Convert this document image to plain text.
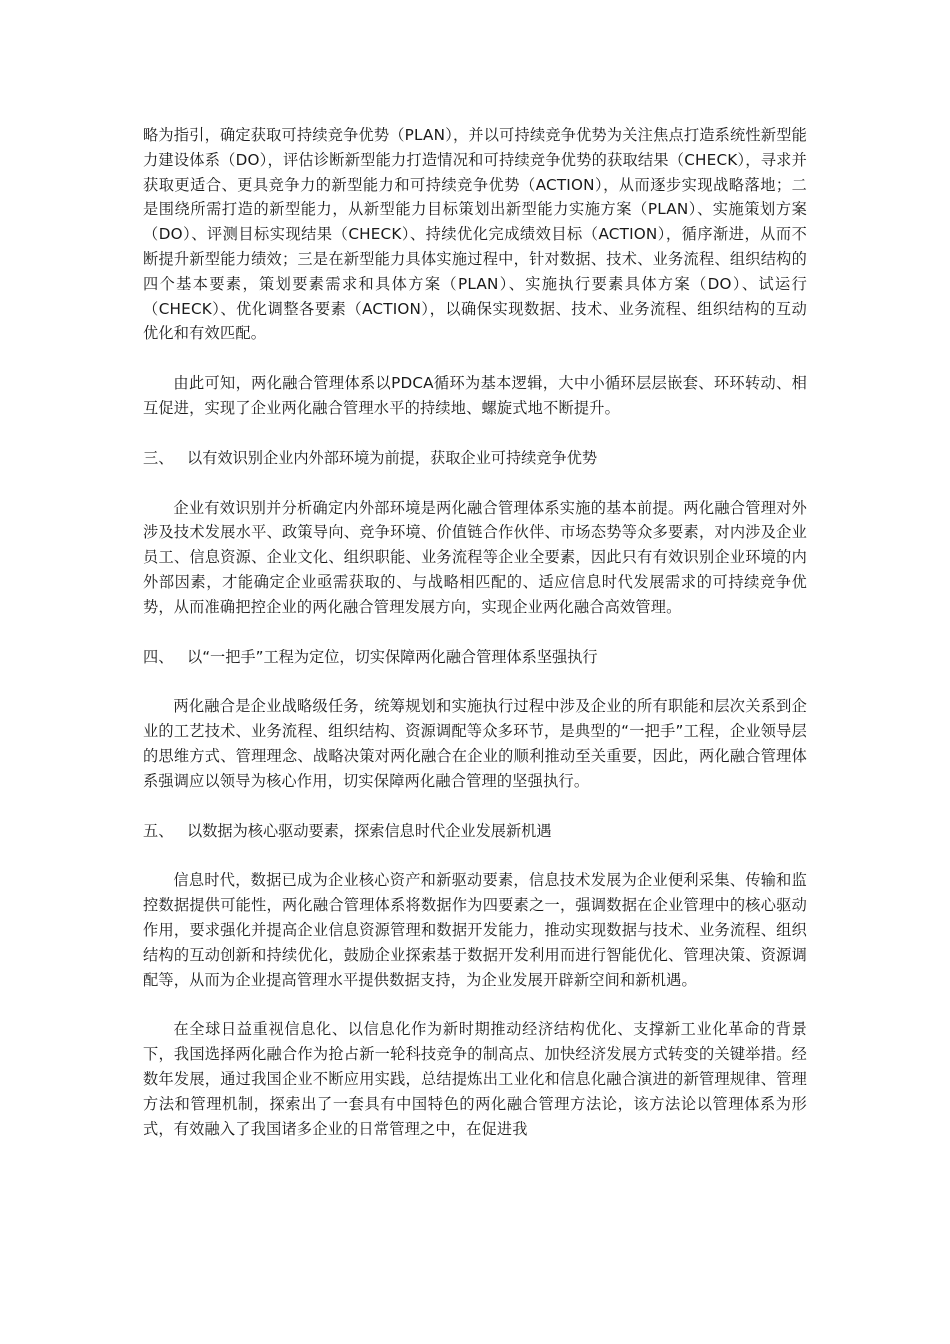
略为指引，确定获取可持续竞争优势（PLAN），并以可持续竞争优势为关注焦点打造系统性新型能力建设体系（DO），评估诊断新型能力打造情况和可持续竞争优势的获取结果（CHECK），寻求并获取更适合、更具竞争力的新型能力和可持续竞争优势（ACTION），从而逐步实现战略落地；二是围绕所需打造的新型能力，从新型能力目标策划出新型能力实施方案（PLAN）、实施策划方案（DO）、评测目标实现结果（CHECK）、持续优化完成绩效目标（ACTION），循序渐进，从而不断提升新型能力绩效；三是在新型能力具体实施过程中，针对数据、技术、业务流程、组织结构的四个基本要素，策划要素需求和具体方案（PLAN）、实施执行要素具体方案（DO）、试运行（CHECK）、优化调整各要素（ACTION），以确保实现数据、技术、业务流程、组织结构的互动优化和有效匹配。

由此可知，两化融合管理体系以PDCA循环为基本逻辑，大中小循环层层嵌套、环环转动、相互促进，实现了企业两化融合管理水平的持续地、螺旋式地不断提升。

三、 以有效识别企业内外部环境为前提，获取企业可持续竞争优势

企业有效识别并分析确定内外部环境是两化融合管理体系实施的基本前提。两化融合管理对外涉及技术发展水平、政策导向、竞争环境、价值链合作伙伴、市场态势等众多要素，对内涉及企业员工、信息资源、企业文化、组织职能、业务流程等企业全要素，因此只有有效识别企业环境的内外部因素，才能确定企业亟需获取的、与战略相匹配的、适应信息时代发展需求的可持续竞争优势，从而准确把控企业的两化融合管理发展方向，实现企业两化融合高效管理。

四、 以“一把手”工程为定位，切实保障两化融合管理体系坚强执行

两化融合是企业战略级任务，统筹规划和实施执行过程中涉及企业的所有职能和层次关系到企业的工艺技术、业务流程、组织结构、资源调配等众多环节，是典型的“一把手”工程，企业领导层的思维方式、管理理念、战略决策对两化融合在企业的顺利推动至关重要，因此，两化融合管理体系强调应以领导为核心作用，切实保障两化融合管理的坚强执行。

五、 以数据为核心驱动要素，探索信息时代企业发展新机遇

信息时代，数据已成为企业核心资产和新驱动要素，信息技术发展为企业便利采集、传输和监控数据提供可能性，两化融合管理体系将数据作为四要素之一，强调数据在企业管理中的核心驱动作用，要求强化并提高企业信息资源管理和数据开发能力，推动实现数据与技术、业务流程、组织结构的互动创新和持续优化，鼓励企业探索基于数据开发利用而进行智能优化、管理决策、资源调配等，从而为企业提高管理水平提供数据支持，为企业发展开辟新空间和新机遇。

在全球日益重视信息化、以信息化作为新时期推动经济结构优化、支撑新工业化革命的背景下，我国选择两化融合作为抢占新一轮科技竞争的制高点、加快经济发展方式转变的关键举措。经数年发展，通过我国企业不断应用实践，总结提炼出工业化和信息化融合演进的新管理规律、管理方法和管理机制，探索出了一套具有中国特色的两化融合管理方法论，该方法论以管理体系为形式，有效融入了我国诸多企业的日常管理之中，在促进我
